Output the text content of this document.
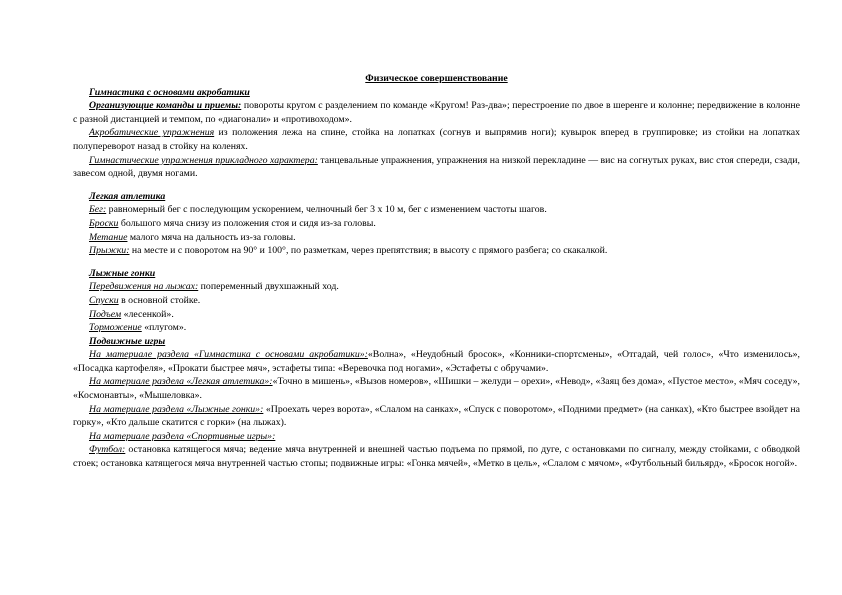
Физическое совершенствование
Гимнастика с основами акробатики

Организующие команды и приемы: повороты кругом с разделением по команде «Кругом! Раз-два»; перестроение по двое в шеренге и колонне; передвижение в колонне с разной дистанцией и темпом, по «диагонали» и «противоходом».

Акробатические упражнения из положения лежа на спине, стойка на лопатках (согнув и выпрямив ноги); кувырок вперед в группировке; из стойки на лопатках полупереворот назад в стойку на коленях.

Гимнастические упражнения прикладного характера: танцевальные упражнения, упражнения на низкой перекладине — вис на согнутых руках, вис стоя спереди, сзади, завесом одной, двумя ногами.

Легкая атлетика

Бег: равномерный бег с последующим ускорением, челночный бег 3 х 10 м, бег с изменением частоты шагов.

Броски большого мяча снизу из положения стоя и сидя из-за головы.

Метание малого мяча на дальность из-за головы.

Прыжки: на месте и с поворотом на 90° и 100°, по разметкам, через препятствия; в высоту с прямого разбега; со скакалкой.

Лыжные гонки

Передвижения на лыжах: попеременный двухшажный ход.

Спуски в основной стойке.

Подъем «лесенкой».

Торможение «плугом».

Подвижные игры

На материале раздела «Гимнастика с основами акробатики»:«Волна», «Неудобный бросок», «Конники-спортсмены», «Отгадай, чей голос», «Что изменилось», «Посадка картофеля», «Прокати быстрее мяч», эстафеты типа: «Веревочка под ногами», «Эстафеты с обручами».

На материале раздела «Легкая атлетика»:«Точно в мишень», «Вызов номеров», «Шишки – желуди – орехи», «Невод», «Заяц без дома», «Пустое место», «Мяч соседу», «Космонавты», «Мышеловка».

На материале раздела «Лыжные гонки»: «Проехать через ворота», «Слалом на санках», «Спуск с поворотом», «Подними предмет» (на санках), «Кто быстрее взойдет на горку», «Кто дальше скатится с горки» (на лыжах).

На материале раздела «Спортивные игры»:

Футбол: остановка катящегося мяча; ведение мяча внутренней и внешней частью подъема по прямой, по дуге, с остановками по сигналу, между стойками, с обводкой стоек; остановка катящегося мяча внутренней частью стопы; подвижные игры: «Гонка мячей», «Метко в цель», «Слалом с мячом», «Футбольный бильярд», «Бросок ногой».
